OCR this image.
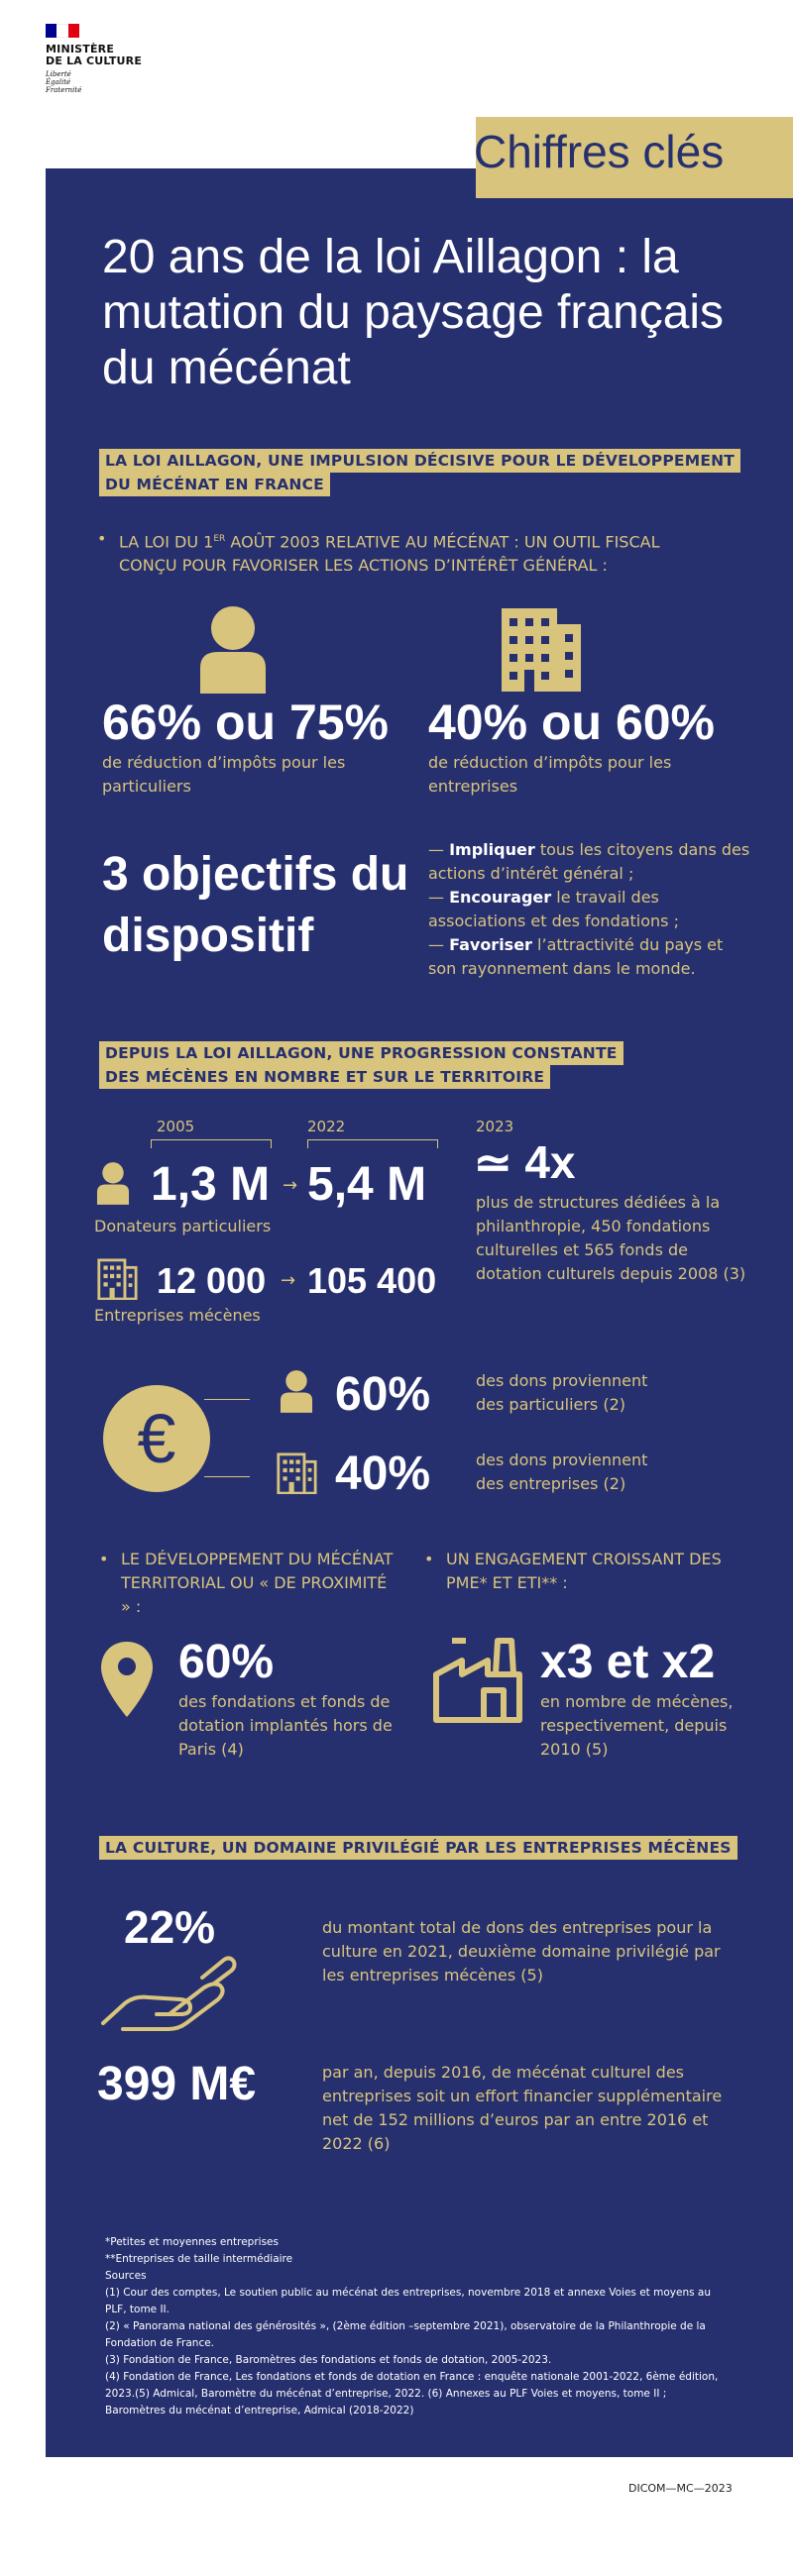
MINISTÈRE
DE LA CULTURE
Liberté
Égalité
Fraternité
Chiffres clés
20 ans de la loi Aillagon : la mutation du paysage français du mécénat
LA LOI AILLAGON, UNE IMPULSION DÉCISIVE POUR LE DÉVELOPPEMENT
DU MÉCÉNAT EN FRANCE
• LA LOI DU 1ER AOÛT 2003 RELATIVE AU MÉCÉNAT : UN OUTIL FISCAL CONÇU POUR FAVORISER LES ACTIONS D’INTÉRÊT GÉNÉRAL :
66% ou 75%
de réduction d’impôts pour les particuliers
40% ou 60%
de réduction d’impôts pour les entreprises
3 objectifs du dispositif
— Impliquer tous les citoyens dans des actions d’intérêt général ;
— Encourager le travail des associations et des fondations ;
— Favoriser l’attractivité du pays et son rayonnement dans le monde.
DEPUIS LA LOI AILLAGON, UNE PROGRESSION CONSTANTE
DES MÉCÈNES EN NOMBRE ET SUR LE TERRITOIRE
2005	2022	2023
1,3 M → 5,4 M
Donateurs particuliers
12 000 → 105 400
Entreprises mécènes
≃ 4x
plus de structures dédiées à la philanthropie, 450 fondations culturelles et 565 fonds de dotation culturels depuis 2008 (3)
€
60%	des dons proviennent des particuliers (2)
40%	des dons proviennent des entreprises (2)
• LE DÉVELOPPEMENT DU MÉCÉNAT TERRITORIAL OU « DE PROXIMITÉ » :
• UN ENGAGEMENT CROISSANT DES PME* ET ETI** :
60%
des fondations et fonds de dotation implantés hors de Paris (4)
x3 et x2
en nombre de mécènes, respectivement, depuis 2010 (5)
LA CULTURE, UN DOMAINE PRIVILÉGIÉ PAR LES ENTREPRISES MÉCÈNES
22%	du montant total de dons des entreprises pour la culture en 2021, deuxième domaine privilégié par les entreprises mécènes (5)
399 M€	par an, depuis 2016, de mécénat culturel des entreprises soit un effort financier supplémentaire net de 152 millions d’euros par an entre 2016 et 2022 (6)
*Petites et moyennes entreprises
**Entreprises de taille intermédiaire
Sources
(1) Cour des comptes, Le soutien public au mécénat des entreprises, novembre 2018 et annexe Voies et moyens au PLF, tome II.
(2) « Panorama national des générosités », (2ème édition –septembre 2021), observatoire de la Philanthropie de la Fondation de France.
(3) Fondation de France, Baromètres des fondations et fonds de dotation, 2005-2023.
(4) Fondation de France, Les fondations et fonds de dotation en France : enquête nationale 2001-2022, 6ème édition, 2023.(5) Admical, Baromètre du mécénat d’entreprise, 2022. (6) Annexes au PLF Voies et moyens, tome II ; Baromètres du mécénat d’entreprise, Admical (2018-2022)
DICOM—MC—2023
